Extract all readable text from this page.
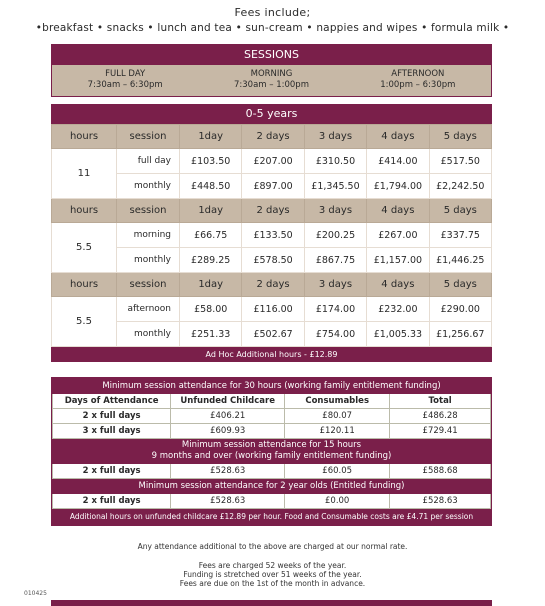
Fees include;
•breakfast • snacks • lunch and tea • sun-cream • nappies and wipes • formula milk •
SESSIONS
FULL DAY
7:30am – 6:30pm
MORNING
7:30am – 1:00pm
AFTERNOON
1:00pm – 6:30pm
0-5 years
hours	session	1day	2 days	3 days	4 days	5 days
11	full day	£103.50	£207.00	£310.50	£414.00	£517.50
	monthly	£448.50	£897.00	£1,345.50	£1,794.00	£2,242.50
hours	session	1day	2 days	3 days	4 days	5 days
5.5	morning	£66.75	£133.50	£200.25	£267.00	£337.75
	monthly	£289.25	£578.50	£867.75	£1,157.00	£1,446.25
hours	session	1day	2 days	3 days	4 days	5 days
5.5	afternoon	£58.00	£116.00	£174.00	£232.00	£290.00
	monthly	£251.33	£502.67	£754.00	£1,005.33	£1,256.67
Ad Hoc Additional hours - £12.89
Minimum session attendance for 30 hours (working family entitlement funding)			
Days of Attendance	Unfunded Childcare	Consumables	Total
2 x full days	£406.21	£80.07	£486.28
3 x full days	£609.93	£120.11	£729.41

Minimum session attendance for 15 hours
9 months and over (working family entitlement funding)			

2 x full days	£528.63	£60.05	£588.68
Minimum session attendance for 2 year olds (Entitled funding)			
2 x full days	£528.63	£0.00	£528.63
Additional hours on unfunded childcare £12.89 per hour. Food and Consumable costs are £4.71 per session			
Any attendance additional to the above are charged at our normal rate.
Fees are charged 52 weeks of the year.
Funding is stretched over 51 weeks of the year.
Fees are due on the 1st of the month in advance.
010425
